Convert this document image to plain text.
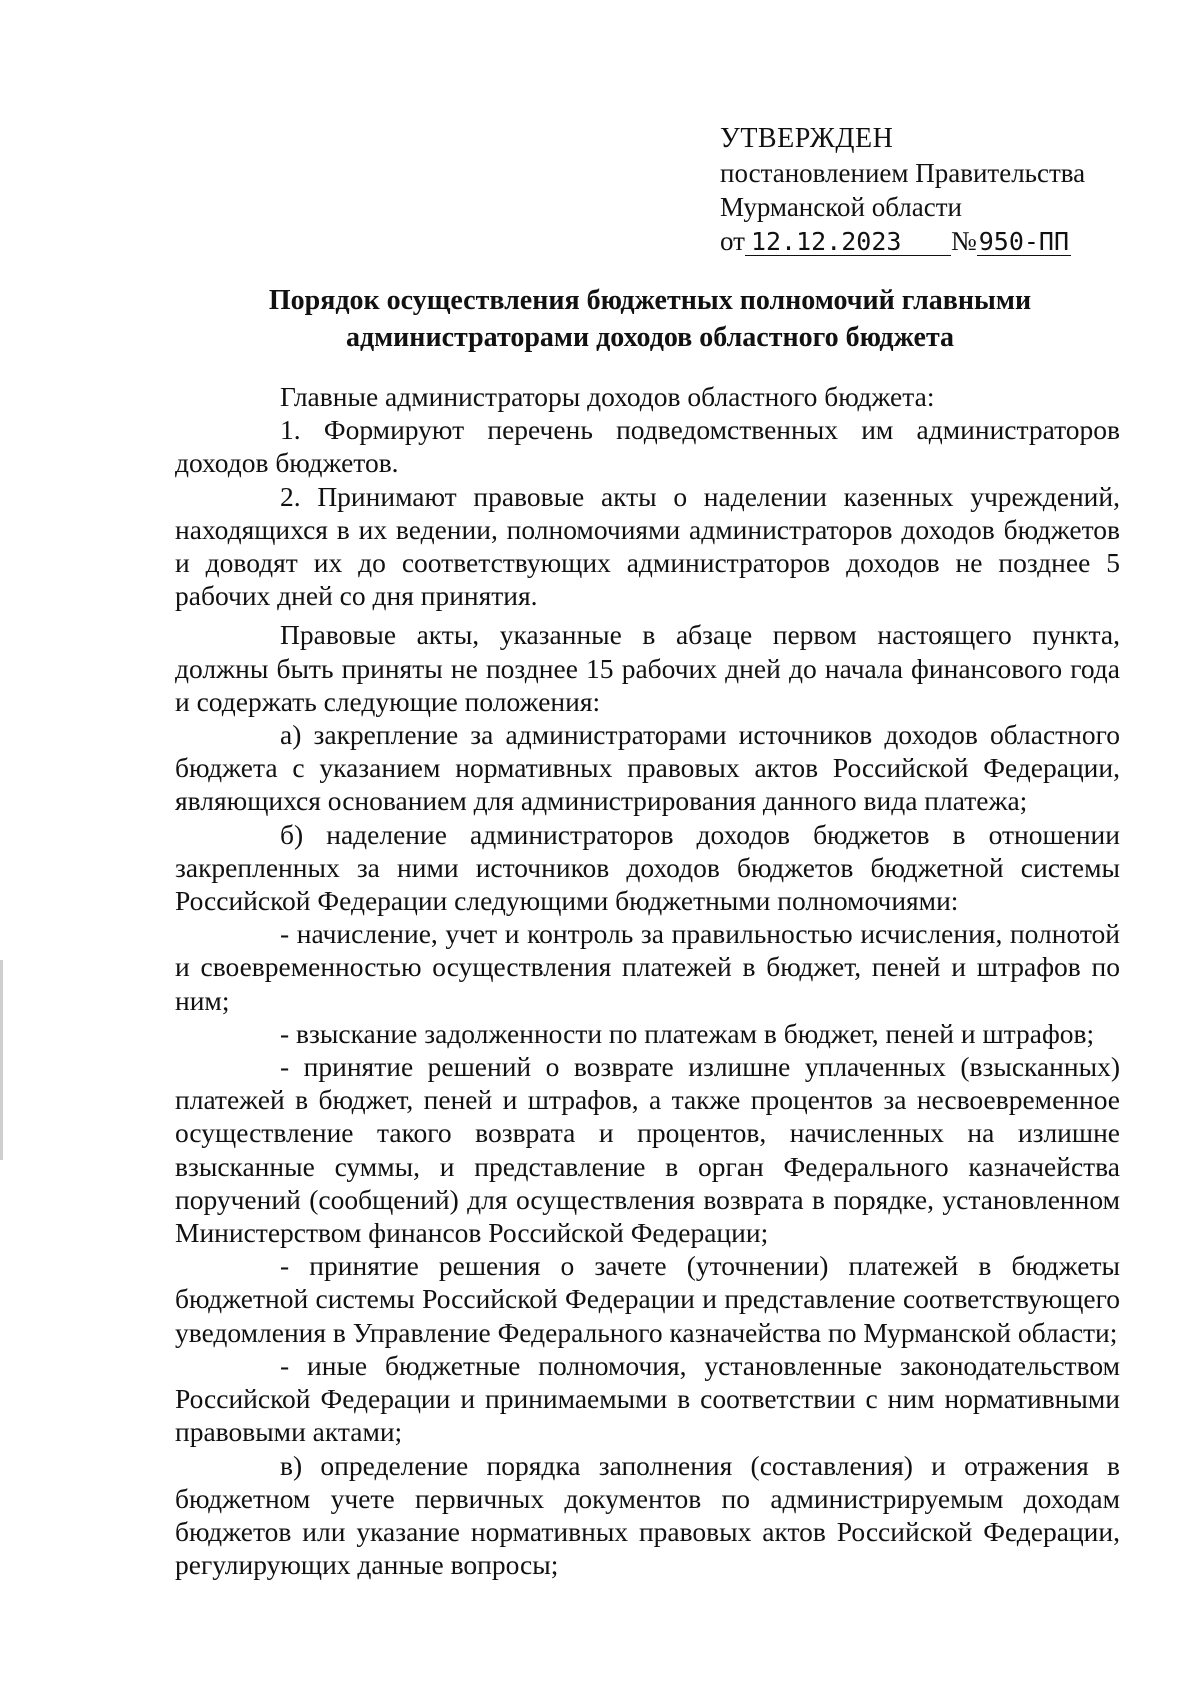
УТВЕРЖДЕН
постановлением Правительства
Мурманской области
от 12.12.2023	№ 950-ПП
Порядок осуществления бюджетных полномочий главными
администраторами доходов областного бюджета

Главные администраторы доходов областного бюджета:

1. Формируют перечень подведомственных им администраторов доходов бюджетов.

2. Принимают правовые акты о наделении казенных учреждений, находящихся в их ведении, полномочиями администраторов доходов бюджетов и доводят их до соответствующих администраторов доходов не позднее 5 рабочих дней со дня принятия.

Правовые акты, указанные в абзаце первом настоящего пункта, должны быть приняты не позднее 15 рабочих дней до начала финансового года и содержать следующие положения:

а) закрепление за администраторами источников доходов областного бюджета с указанием нормативных правовых актов Российской Федерации, являющихся основанием для администрирования данного вида платежа;

б) наделение администраторов доходов бюджетов в отношении закрепленных за ними источников доходов бюджетов бюджетной системы Российской Федерации следующими бюджетными полномочиями:

- начисление, учет и контроль за правильностью исчисления, полнотой и своевременностью осуществления платежей в бюджет, пеней и штрафов по ним;

- взыскание задолженности по платежам в бюджет, пеней и штрафов;

- принятие решений о возврате излишне уплаченных (взысканных) платежей в бюджет, пеней и штрафов, а также процентов за несвоевременное осуществление такого возврата и процентов, начисленных на излишне взысканные суммы, и представление в орган Федерального казначейства поручений (сообщений) для осуществления возврата в порядке, установленном Министерством финансов Российской Федерации;

- принятие решения о зачете (уточнении) платежей в бюджеты бюджетной системы Российской Федерации и представление соответствующего уведомления в Управление Федерального казначейства по Мурманской области;

- иные бюджетные полномочия, установленные законодательством Российской Федерации и принимаемыми в соответствии с ним нормативными правовыми актами;

в) определение порядка заполнения (составления) и отражения в бюджетном учете первичных документов по администрируемым доходам бюджетов или указание нормативных правовых актов Российской Федерации, регулирующих данные вопросы;
